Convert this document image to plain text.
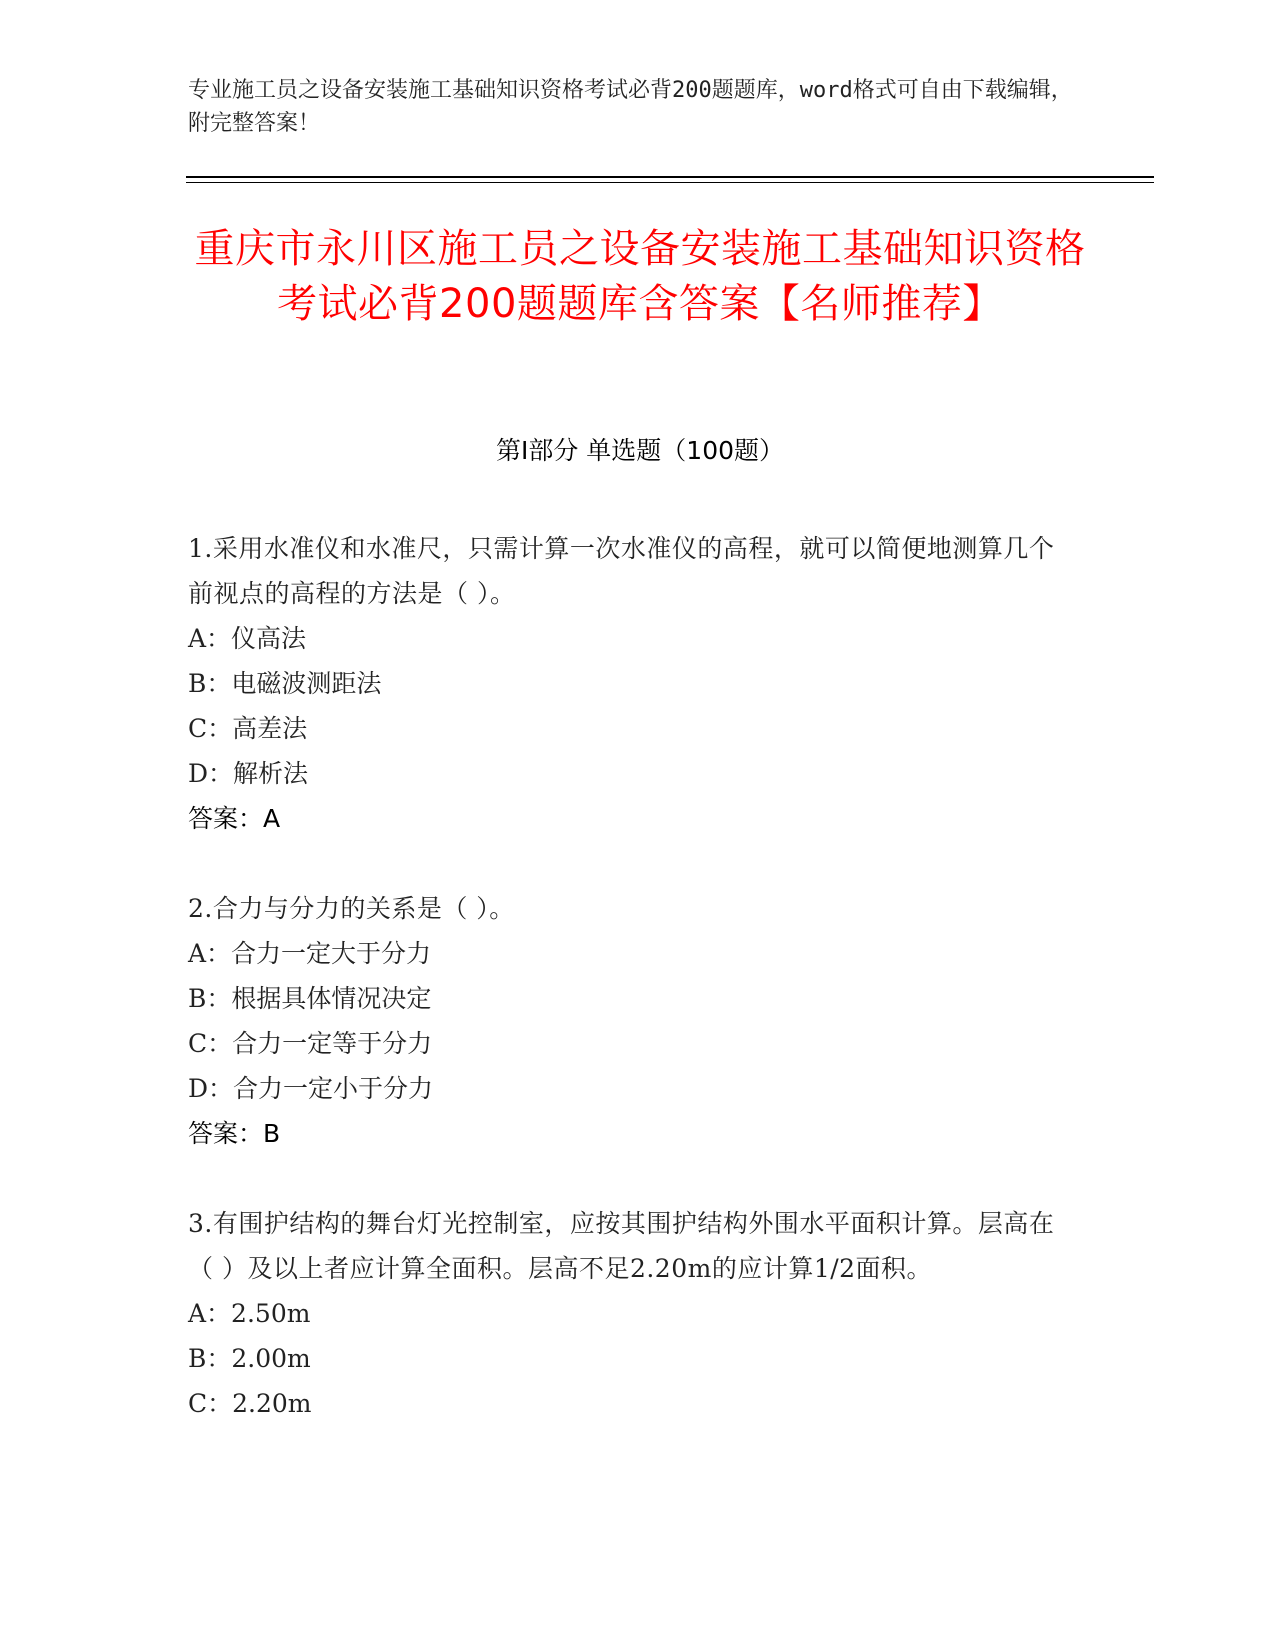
专业施工员之设备安装施工基础知识资格考试必背200题题库，word格式可自由下载编辑，附完整答案！
重庆市永川区施工员之设备安装施工基础知识资格考试必背200题题库含答案【名师推荐】
第I部分 单选题（100题）
1.采用水准仪和水准尺，只需计算一次水准仪的高程，就可以简便地测算几个前视点的高程的方法是（ ）。
A：仪高法
B：电磁波测距法
C：高差法
D：解析法
答案：A
2.合力与分力的关系是（ ）。
A：合力一定大于分力
B：根据具体情况决定
C：合力一定等于分力
D：合力一定小于分力
答案：B
3.有围护结构的舞台灯光控制室，应按其围护结构外围水平面积计算。层高在（ ）及以上者应计算全面积。层高不足2.20m的应计算1/2面积。
A：2.50m
B：2.00m
C：2.20m
